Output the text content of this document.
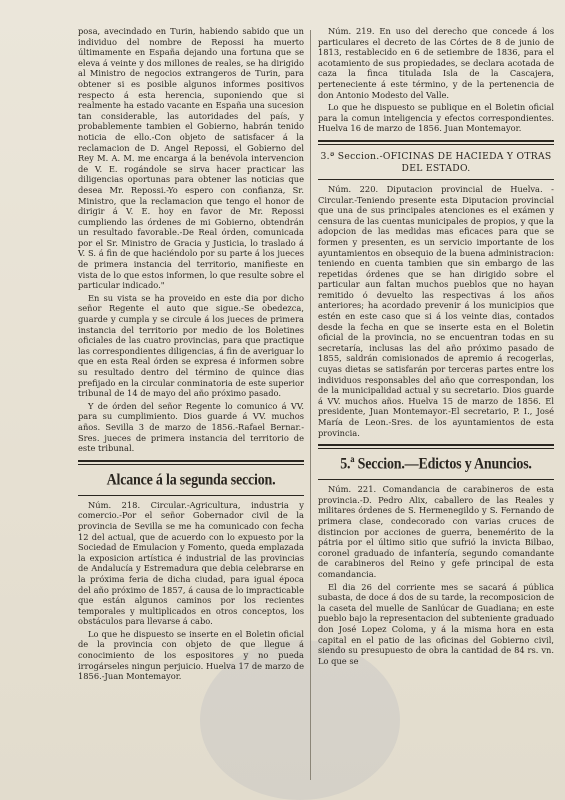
posa, avecindado en Turin, habiendo sabido que un individuo del nombre de Repossi ha muerto últimamente en España dejando una fortuna que se eleva á veinte y dos millones de reales, se ha dirigido al Ministro de negocios extrangeros de Turin, para obtener si es posible algunos informes positivos respecto á esta herencia, suponiendo que si realmente ha estado vacante en España una sucesion tan considerable, las autoridades del país, y probablemente tambien el Gobierno, habrán tenido noticia de ello.-Con objeto de satisfacer á la reclamacion de D. Angel Repossi, el Gobierno del Rey M. A. M. me encarga á la benévola intervencion de V. E. rogándole se sirva hacer practicar las diligencias oportunas para obtener las noticias que desea Mr. Repossi.-Yo espero con confianza, Sr. Ministro, que la reclamacion que tengo el honor de dirigir á V. E. hoy en favor de Mr. Repossi cumpliendo las órdenes de mi Gobierno, obtendrán un resultado favorable.-De Real órden, comunicada por el Sr. Ministro de Gracia y Justicia, lo traslado á V. S. á fin de que haciéndolo por su parte á los jueces de primera instancia del territorio, manifieste en vista de lo que estos informen, lo que resulte sobre el particular indicado."

En su vista se ha proveido en este dia por dicho señor Regente el auto que sigue.-Se obedezca, guarde y cumpla y se circule á los jueces de primera instancia del territorio por medio de los Boletines oficiales de las cuatro provincias, para que practique las correspondientes diligencias, á fin de averiguar lo que en esta Real órden se expresa é informen sobre su resultado dentro del término de quince dias prefijado en la circular conminatoria de este superior tribunal de 14 de mayo del año próximo pasado.

Y de órden del señor Regente lo comunico á VV. para su cumplimiento. Dios guarde á VV. muchos años. Sevilla 3 de marzo de 1856.-Rafael Bernar.-Sres. jueces de primera instancia del territorio de este tribunal.

Alcance á la segunda seccion.

Núm. 218. Circular.-Agricultura, industria y comercio.-Por el señor Gobernador civil de la provincia de Sevilla se me ha comunicado con fecha 12 del actual, que de acuerdo con lo expuesto por la Sociedad de Emulacion y Fomento, queda emplazada la exposicion artística é industrial de las provincias de Andalucía y Estremadura que debia celebrarse en la próxima feria de dicha ciudad, para igual época del año próximo de 1857, á causa de lo impracticable que están algunos caminos por los recientes temporales y multiplicados en otros conceptos, los obstáculos para llevarse á cabo.

Lo que he dispuesto se inserte en el Boletin oficial de la provincia con objeto de que llegue á conocimiento de los espositores y no pueda irrogárseles ningun perjuicio. Huelva 17 de marzo de 1856.-Juan Montemayor.

Núm. 219. En uso del derecho que concede á los particulares el decreto de las Córtes de 8 de junio de 1813, restablecido en 6 de setiembre de 1836, para el acotamiento de sus propiedades, se declara acotada de caza la finca titulada Isla de la Cascajera, perteneciente á este término, y de la pertenencia de don Antonio Modesto del Valle.

Lo que he dispuesto se publique en el Boletin oficial para la comun inteligencia y efectos correspondientes. Huelva 16 de marzo de 1856. Juan Montemayor.

3.ª Seccion.-OFICINAS DE HACIEDA Y OTRAS DEL ESTADO.

Núm. 220. Diputacion provincial de Huelva. -Circular.-Teniendo presente esta Diputacion provincial que una de sus principales atenciones es el exámen y censura de las cuentas municipales de propios, y que la adopcion de las medidas mas eficaces para que se formen y presenten, es un servicio importante de los ayuntamientos en obsequio de la buena administracion: teniendo en cuenta tambien que sin embargo de las repetidas órdenes que se han dirigido sobre el particular aun faltan muchos pueblos que no hayan remitido ó devuelto las respectivas á los años anteriores; ha acordado prevenir á los municipios que estén en este caso que si á los veinte dias, contados desde la fecha en que se inserte esta en el Boletin oficial de la provincia, no se encuentran todas en su secretaría, inclusas las del año próximo pasado de 1855, saldrán comisionados de apremio á recogerlas, cuyas dietas se satisfarán por terceras partes entre los individuos responsables del año que correspondan, los de la municipalidad actual y su secretario. Dios guarde á VV. muchos años. Huelva 15 de marzo de 1856. El presidente, Juan Montemayor.-El secretario, P. I., José María de Leon.-Sres. de los ayuntamientos de esta provincia.

5.ª Seccion.—Edictos y Anuncios.

Núm. 221. Comandancia de carabineros de esta provincia.-D. Pedro Alix, caballero de las Reales y militares órdenes de S. Hermenegildo y S. Fernando de primera clase, condecorado con varias cruces de distincion por acciones de guerra, benemérito de la pátria por el último sitio que sufrió la invicta Bilbao, coronel graduado de infantería, segundo comandante de carabineros del Reino y gefe principal de esta comandancia.

El dia 26 del corriente mes se sacará á pública subasta, de doce á dos de su tarde, la recomposicion de la caseta del muelle de Sanlúcar de Guadiana; en este pueblo bajo la representacion del subteniente graduado don José Lopez Coloma, y á la misma hora en esta capital en el patio de las oficinas del Gobierno civil, siendo su presupuesto de obra la cantidad de 84 rs. vn. Lo que se
